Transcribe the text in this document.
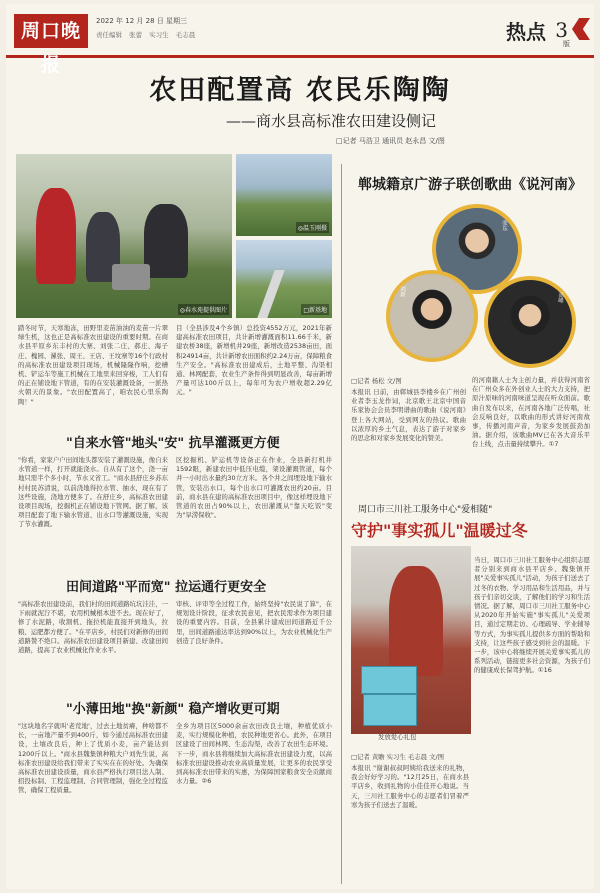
周口晚报
2022 年 12 月 28 日 星期三
责任编辑 张蕾 实习生 毛志晨	热点 3
版
农田配置高 农民乐陶陶
——商水县高标准农田建设侧记
□记者 马浩卫 通讯员 赵永昌 文/图
◎春水苑提供图片
◎温玉刚摄
□新基地
踏冬时节，天寒地冻，田野里麦苗油油的麦苗一片翠绿生机，这也正是高标准农田建设的重要时期。在商水县平原乡东丰村的大寨、刘张二庄、郝庄、海子庄、槐园、漯张、周王、王店、王坟寨等16个行政村的高标准农田建设项目现场，机械隆隆作响，挖槽机、铲运车等施工机械在工地里来回穿梭，工人们有的正在铺设地下管道，有的在安装灌溉设备，一派热火朝天的景象。"农田配置高了，咱农民心里乐陶陶！"
目（全县涉及4个乡镇）总投资4552万元，2021年新建高标准农田项目，共计新增灌溉面积11.66千米，新建农桥38座，新增机井29座，新增改造2538亩田，面积24914亩，共计新增农田面积约2.24万亩，保障粮食生产安全。"高标准农田建成后，土地平整、沟渠相通、林网配套，农业生产条件得到明显改善，每亩新增产量可达100斤以上，每年可为农户增收超2.29亿元。"
"自来水管"地头"安" 抗旱灌溉更方便
"你看，家家户户田间地头都安装了灌溉设施，像自来水管道一样，打开就能浇水。自从有了这个，浇一亩地只需半个多小时，节水又省工。"商水县舒庄乡苏东村村民苏清说，以前浇地得拉水管、抽水，现在有了这些设施，浇地方便多了。在舒庄乡，高标准农田建设项目现场，挖掘机正在铺设地下管网。据了解，该项目配套了地下输水管道、出水口等灌溉设施，实现了节水灌溉。
区挖掘机、铲运机等设备正在作业，全县新打机井1592眼，新建农田中低压电缆，架设灌溉管道，每个井一小时出水量约30立方米。各个井之间埋设地下输水管，安装出水口，每个出水口可灌溉农田约20亩。目前，商水县在建的高标准农田项目中，像这样埋设地下管道的农田占90%以上，农田灌溉从"靠天吃饭"变为"旱涝保收"。
田间道路"平而宽" 拉运通行更安全
"高标准农田建设前，我们村的田间道路坑坑洼洼，一下雨就泥泞不堪，农用机械根本进不去。现在好了，修了水泥路，收割机、拖拉机能直接开到地头，拉粮、运肥都方便了。"在平店乡，村民们对新修的田间道路赞不绝口。高标准农田建设项目新建、改建田间道路，提高了农业机械化作业水平。
审核、评审等全过程工作，始终坚持"农民说了算"，在规划设计阶段，征求农民意见，把农民需求作为项目建设的重要内容。目前，全县累计建成田间道路近千公里，田间道路通达率达到90%以上，为农业机械化生产创造了良好条件。
"小薄田地"换"新颜" 稳产增收更可期
"这块地名字就叫'老荒地'，过去土地贫瘠，种啥都不长，一亩地产量不到400斤，如今通过高标准农田建设，土壤改良后，种上了优质小麦，亩产能达到1200斤以上。"商水县魏集镇种粮大户刘先生说，高标准农田建设给我们带来了实实在在的好处。为确保高标准农田建设质量，商水县严格执行项目法人制、招投标制、工程监理制、合同管理制，强化全过程监管，确保工程质量。
全乡为项目区5000余亩农田改良土壤，种植优质小麦，实行规模化种植，农民种地更省心。此外，在项目区建设了田间林网、生态沟渠，改善了农田生态环境。下一步，商水县将继续加大高标准农田建设力度，以高标准农田建设推动农业高质量发展，让更多的农民享受到高标准农田带来的实惠，为保障国家粮食安全贡献商水力量。②6
郸城籍京广游子联创歌曲《说河南》
张东
刘新
高峰
□记者 杨松 文/图
本报讯 日前，由郸城县李楼乡在广州创业者李玉龙作词，北京歌王北京中国音乐家协会会员李明谱曲的歌曲《说河南》登上各大网站，受到网友的热议。歌曲以浓厚的乡土气息，表达了游子对家乡的思念和对家乡发展变化的赞美。
的河南籍人士为主创力量，并获得河南省在广州众多在外创业人士的大力支持，把原汁原味的河南味道呈现在听众面前。歌曲自发布以来，在河南各地广泛传唱，社会反响良好，以歌曲的形式讲好河南故事，传播河南声音，为家乡发展鼓劲加油。据介绍，该歌曲MV已在各大音乐平台上线，点击量持续攀升。①7
周口市三川社工服务中心"爱相随"
守护"事实孤儿"温暖过冬
发放爱心礼包
当日，周口市三川社工服务中心组织志愿者分别来到商水县平店乡、魏集镇开展"关爱事实孤儿"活动，为孩子们送去了过冬的衣物、学习用品和生活用品，并与孩子们亲切交谈，了解他们的学习和生活情况。据了解，周口市三川社工服务中心从2020年开始实施"事实孤儿"关爱项目，通过定期走访、心理疏导、学业辅导等方式，为事实孤儿提供多方面的帮助和支持，让这些孩子感受到社会的温暖。下一步，该中心将继续开展关爱事实孤儿的系列活动，链接更多社会资源，为孩子们的健康成长保驾护航。①16
□记者 黄瞻 实习生 毛志晨 文/图
本报讯 "谢谢叔叔阿姨给我送来的礼物，我会好好学习的。"12月25日，在商水县平店乡，收到礼物的小佳佳开心地说。当天，三川社工服务中心的志愿者们冒着严寒为孩子们送去了温暖。
